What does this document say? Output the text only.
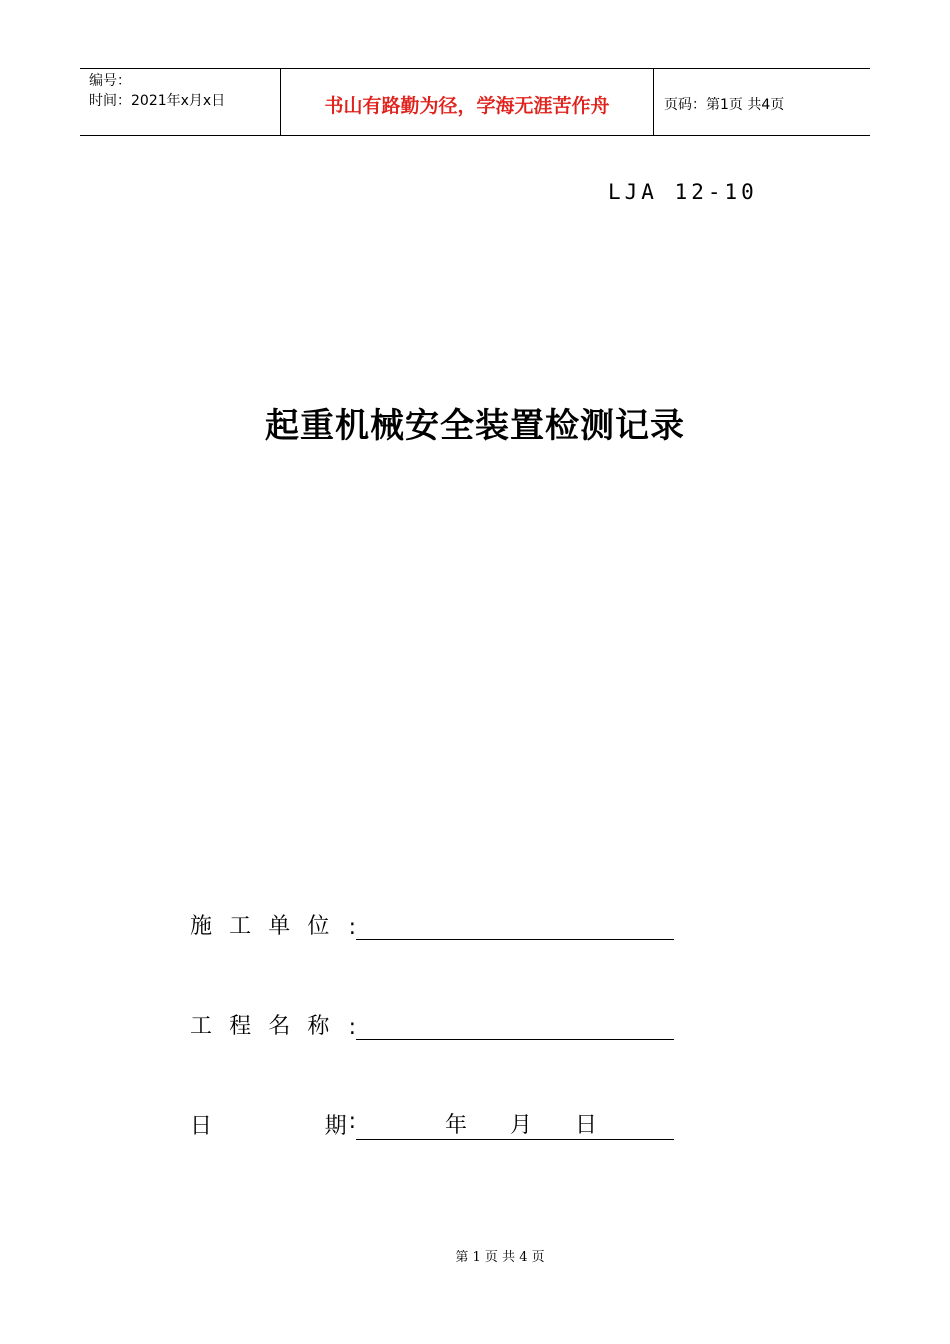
编号：
时间：2021年x月x日	书山有路勤为径，学海无涯苦作舟	页码：第1页 共4页
LJA 12-10
起重机械安全装置检测记录
施 工 单 位 :
工 程 名 称 :
日	期 :	年 月 日
第 1 页 共 4 页
